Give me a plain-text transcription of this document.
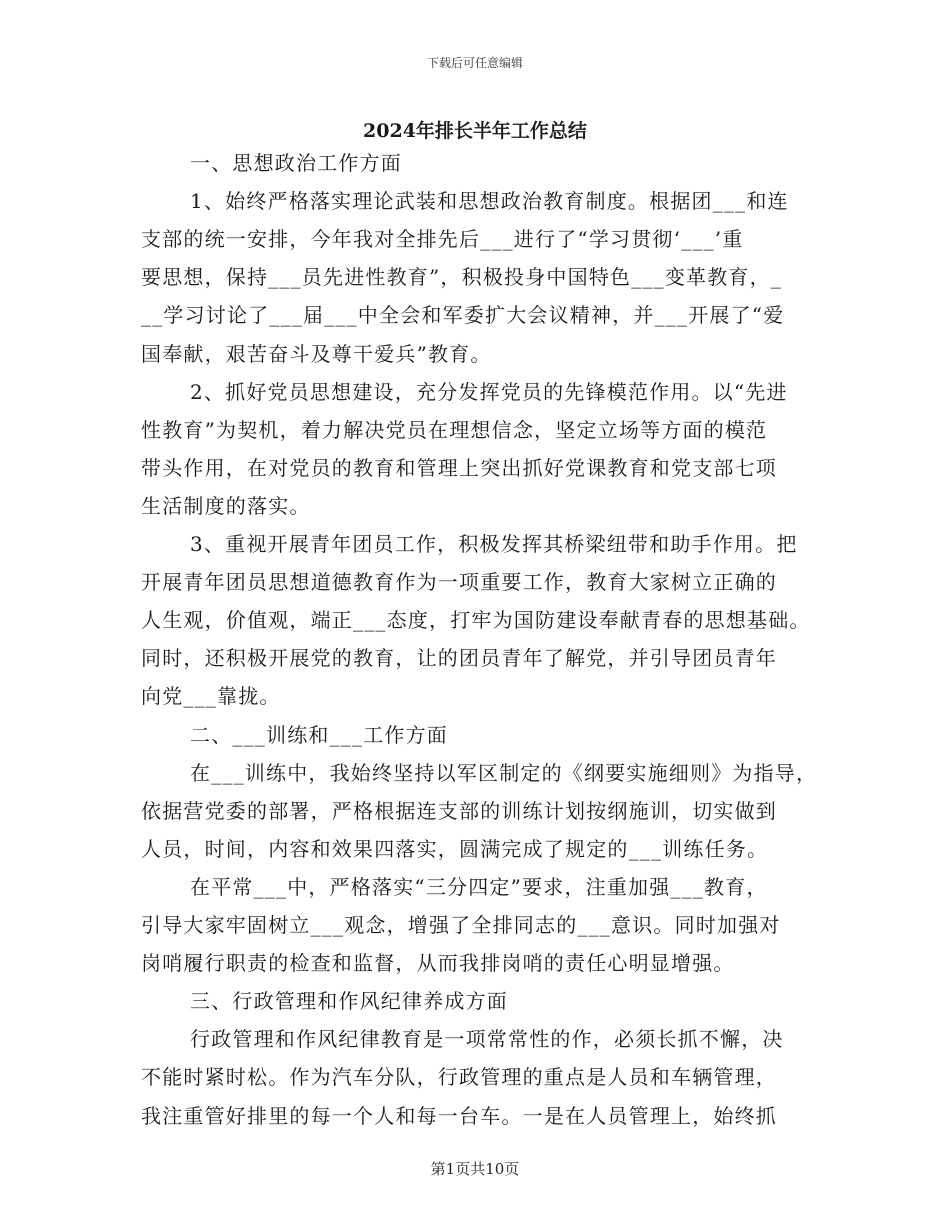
下载后可任意编辑
2024年排长半年工作总结
一、思想政治工作方面
1、始终严格落实理论武装和思想政治教育制度。根据团___和连
支部的统一安排，今年我对全排先后___进行了“学习贯彻‘___’重
要思想，保持___员先进性教育”，积极投身中国特色___变革教育，_
__学习讨论了___届___中全会和军委扩大会议精神，并___开展了“爱
国奉献，艰苦奋斗及尊干爱兵”教育。
2、抓好党员思想建设，充分发挥党员的先锋模范作用。以“先进
性教育”为契机，着力解决党员在理想信念，坚定立场等方面的模范
带头作用，在对党员的教育和管理上突出抓好党课教育和党支部七项
生活制度的落实。
3、重视开展青年团员工作，积极发挥其桥梁纽带和助手作用。把
开展青年团员思想道德教育作为一项重要工作，教育大家树立正确的
人生观，价值观，端正___态度，打牢为国防建设奉献青春的思想基础。
同时，还积极开展党的教育，让的团员青年了解党，并引导团员青年
向党___靠拢。
二、___训练和___工作方面
在___训练中，我始终坚持以军区制定的《纲要实施细则》为指导，
依据营党委的部署，严格根据连支部的训练计划按纲施训，切实做到
人员，时间，内容和效果四落实，圆满完成了规定的___训练任务。
在平常___中，严格落实“三分四定”要求，注重加强___教育，
引导大家牢固树立___观念，增强了全排同志的___意识。同时加强对
岗哨履行职责的检查和监督，从而我排岗哨的责任心明显增强。
三、行政管理和作风纪律养成方面
行政管理和作风纪律教育是一项常常性的作，必须长抓不懈，决
不能时紧时松。作为汽车分队，行政管理的重点是人员和车辆管理，
我注重管好排里的每一个人和每一台车。一是在人员管理上，始终抓
第1页共10页
